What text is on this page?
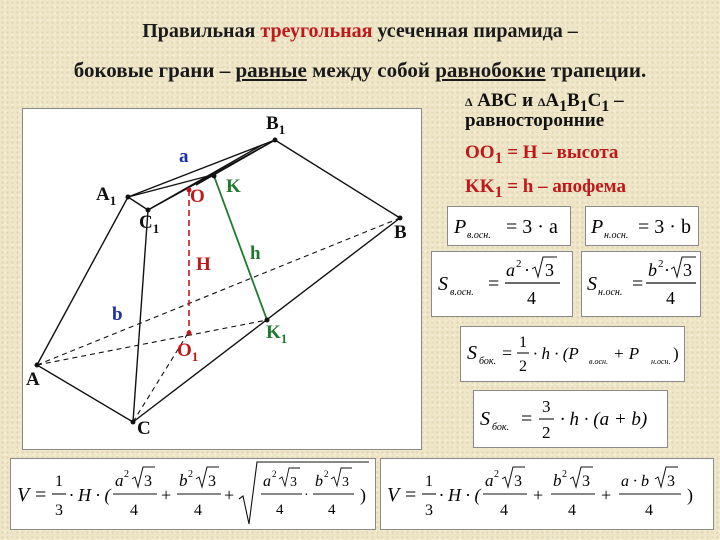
Правильная треугольная усеченная пирамида –
боковые грани – равные между собой равнобокие трапеции.
Δ ABC и $\Delta A_1B_1C_1$ –
равносторонние
$OO_1 = H$ – высота
$KK_1 = h$ – апофема
$B_1$
a
$A_1$	O K
$C_1$	B
H
h
b
$K_1$
$O_1$
A
C
P в.осн. = 3 · a P н.осн. = 3 · b
S в.осн. =
a 2 · 3
4
S н.осн. =
b 2 · 3
4
S бок. =
1
2
· h · (P в.осн. + P н.осн. )
S бок. =
3
2
· h · (a + b)
V =
1
3
· H · (
a 2 3
4
+
b 2 3
4
+
a 2
3
4
·
b 2
3
4
) V =
1
3
· H · (
a 2 3
4
+
b 2 3
4
+
a · b 3
4
)
